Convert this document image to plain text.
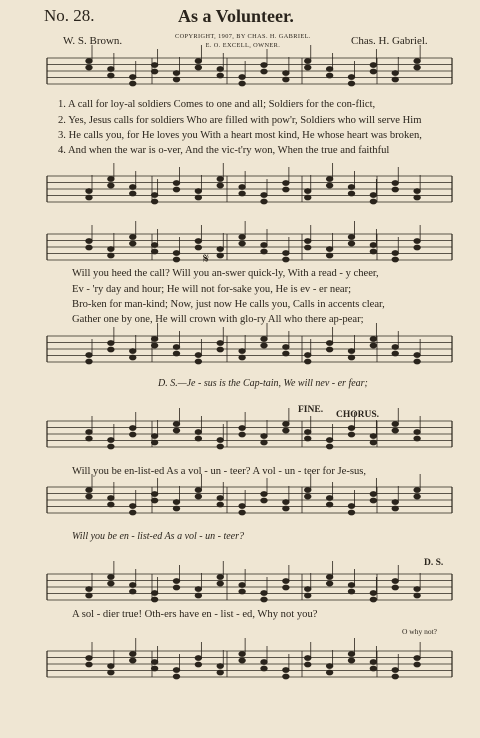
No. 28.	As a Volunteer.
W. S. Brown.	COPYRIGHT, 1907, BY CHAS. H. GABRIEL.
E. O. EXCELL, OWNER.	Chas. H. Gabriel.
1. A call for loy-al soldiers Comes to one and all; Soldiers for the con-flict,
2. Yes, Jesus calls for soldiers Who are filled with pow'r, Soldiers who will serve Him
3. He calls you, for He loves you With a heart most kind, He whose heart was broken,
4. And when the war is o-ver, And the vic-t'ry won, When the true and faithful
Will you heed the call? Will you an-swer quick-ly, With a read - y cheer,
Ev - 'ry day and hour; He will not for-sake you, He is ev - er near;
Bro-ken for man-kind; Now, just now He calls you, Calls in accents clear,
Gather one by one, He will crown with glo-ry All who there ap-pear;
D. S.—Je - sus is the Cap-tain, We will nev - er fear;
FINE. CHORUS.
Will you be en-list-ed As a vol - un - teer? A vol - un - teer for Je-sus,
Will you be en - list-ed As a vol - un - teer?
D. S.
A sol - dier true! Oth-ers have en - list - ed, Why not you?
O why not?
𝄋
